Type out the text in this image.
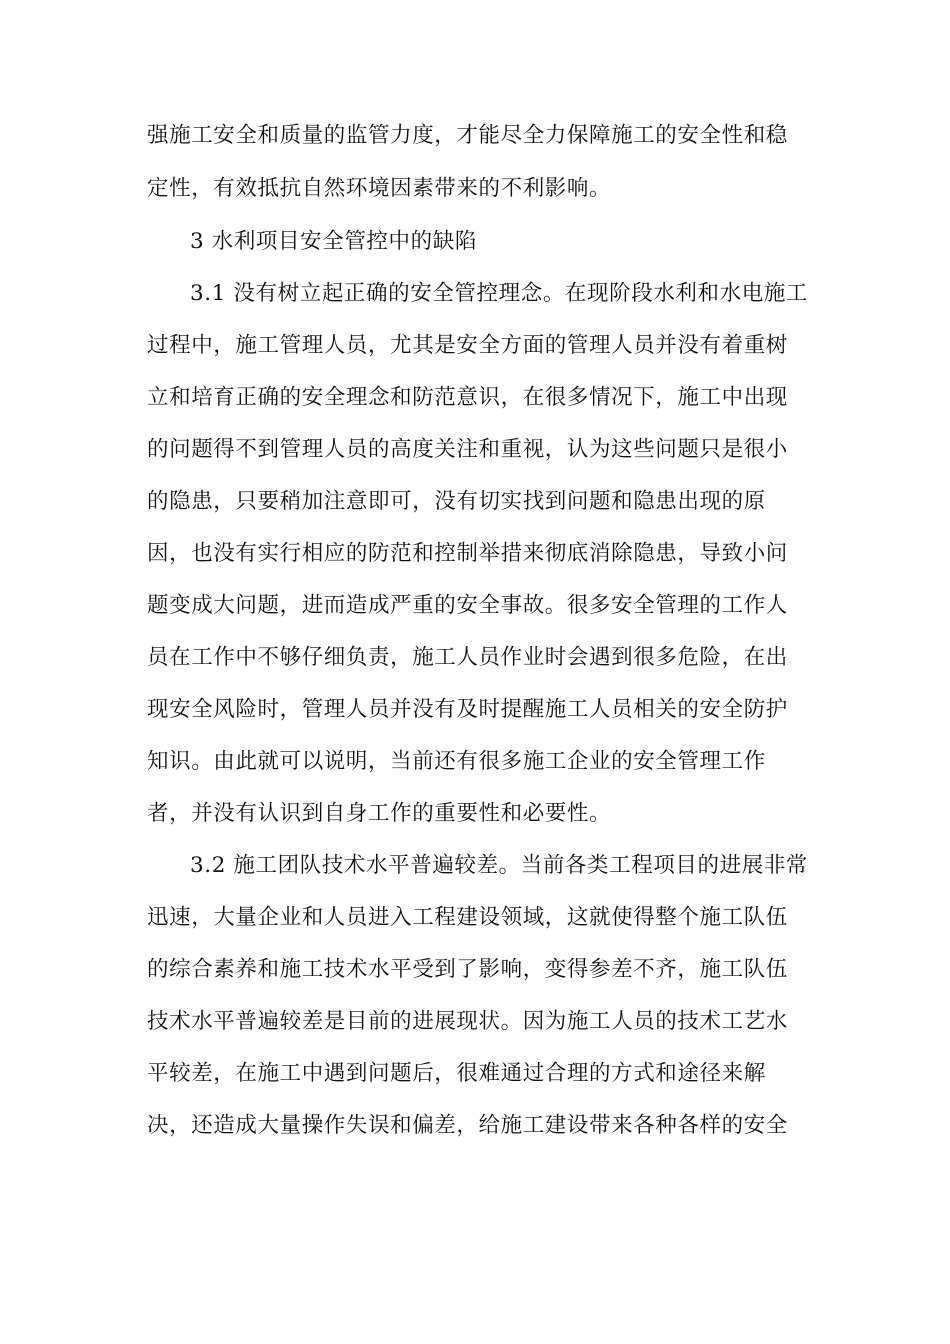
强施工安全和质量的监管力度，才能尽全力保障施工的安全性和稳
定性，有效抵抗自然环境因素带来的不利影响。
3 水利项目安全管控中的缺陷
3.1 没有树立起正确的安全管控理念。在现阶段水利和水电施工
过程中，施工管理人员，尤其是安全方面的管理人员并没有着重树
立和培育正确的安全理念和防范意识，在很多情况下，施工中出现
的问题得不到管理人员的高度关注和重视，认为这些问题只是很小
的隐患，只要稍加注意即可，没有切实找到问题和隐患出现的原
因，也没有实行相应的防范和控制举措来彻底消除隐患，导致小问
题变成大问题，进而造成严重的安全事故。很多安全管理的工作人
员在工作中不够仔细负责，施工人员作业时会遇到很多危险，在出
现安全风险时，管理人员并没有及时提醒施工人员相关的安全防护
知识。由此就可以说明，当前还有很多施工企业的安全管理工作
者，并没有认识到自身工作的重要性和必要性。
3.2 施工团队技术水平普遍较差。当前各类工程项目的进展非常
迅速，大量企业和人员进入工程建设领域，这就使得整个施工队伍
的综合素养和施工技术水平受到了影响，变得参差不齐，施工队伍
技术水平普遍较差是目前的进展现状。因为施工人员的技术工艺水
平较差，在施工中遇到问题后，很难通过合理的方式和途径来解
决，还造成大量操作失误和偏差，给施工建设带来各种各样的安全
